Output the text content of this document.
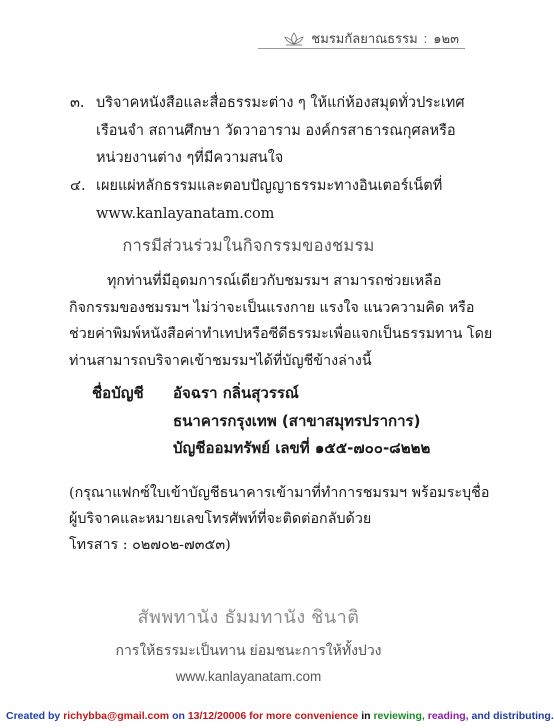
ชมรมกัลยาณธรรม : ๑๒๓
๓. บริจาคหนังสือและสื่อธรรมะต่าง ๆ ให้แก่ห้องสมุดทั่วประเทศ
เรือนจำ สถานศึกษา วัดวาอาราม องค์กรสาธารณกุศลหรือ
หน่วยงานต่าง ๆที่มีความสนใจ
๔. เผยแผ่หลักธรรมและตอบปัญญาธรรมะทางอินเตอร์เน็ตที่
www.kanlayanatam.com
การมีส่วนร่วมในกิจกรรมของชมรม
ทุกท่านที่มีอุดมการณ์เดียวกับชมรมฯ สามารถช่วยเหลือ
กิจกรรมของชมรมฯ ไม่ว่าจะเป็นแรงกาย แรงใจ แนวความคิด หรือ
ช่วยค่าพิมพ์หนังสือค่าทำเทปหรือซีดีธรรมะเพื่อแจกเป็นธรรมทาน โดย
ท่านสามารถบริจาคเข้าชมรมฯได้ที่บัญชีข้างล่างนี้
ชื่อบัญชี	อัจฉรา กลิ่นสุวรรณ์
ธนาคารกรุงเทพ (สาขาสมุทรปราการ)
บัญชีออมทรัพย์ เลขที่ ๑๕๕-๗๐๐-๘๒๒๒
(กรุณาแฟกซ์ใบเข้าบัญชีธนาคารเข้ามาที่ทำการชมรมฯ พร้อมระบุชื่อ
ผู้บริจาคและหมายเลขโทรศัพท์ที่จะติดต่อกลับด้วย
โทรสาร : ๐๒๗๐๒-๗๓๕๓)
สัพพทานัง ธัมมทานัง ชินาติ
การให้ธรรมะเป็นทาน ย่อมชนะการให้ทั้งปวง
www.kanlayanatam.com
Created by richybba@gmail.com on 13/12/20006 for more convenience in reviewing, reading, and distributing.
